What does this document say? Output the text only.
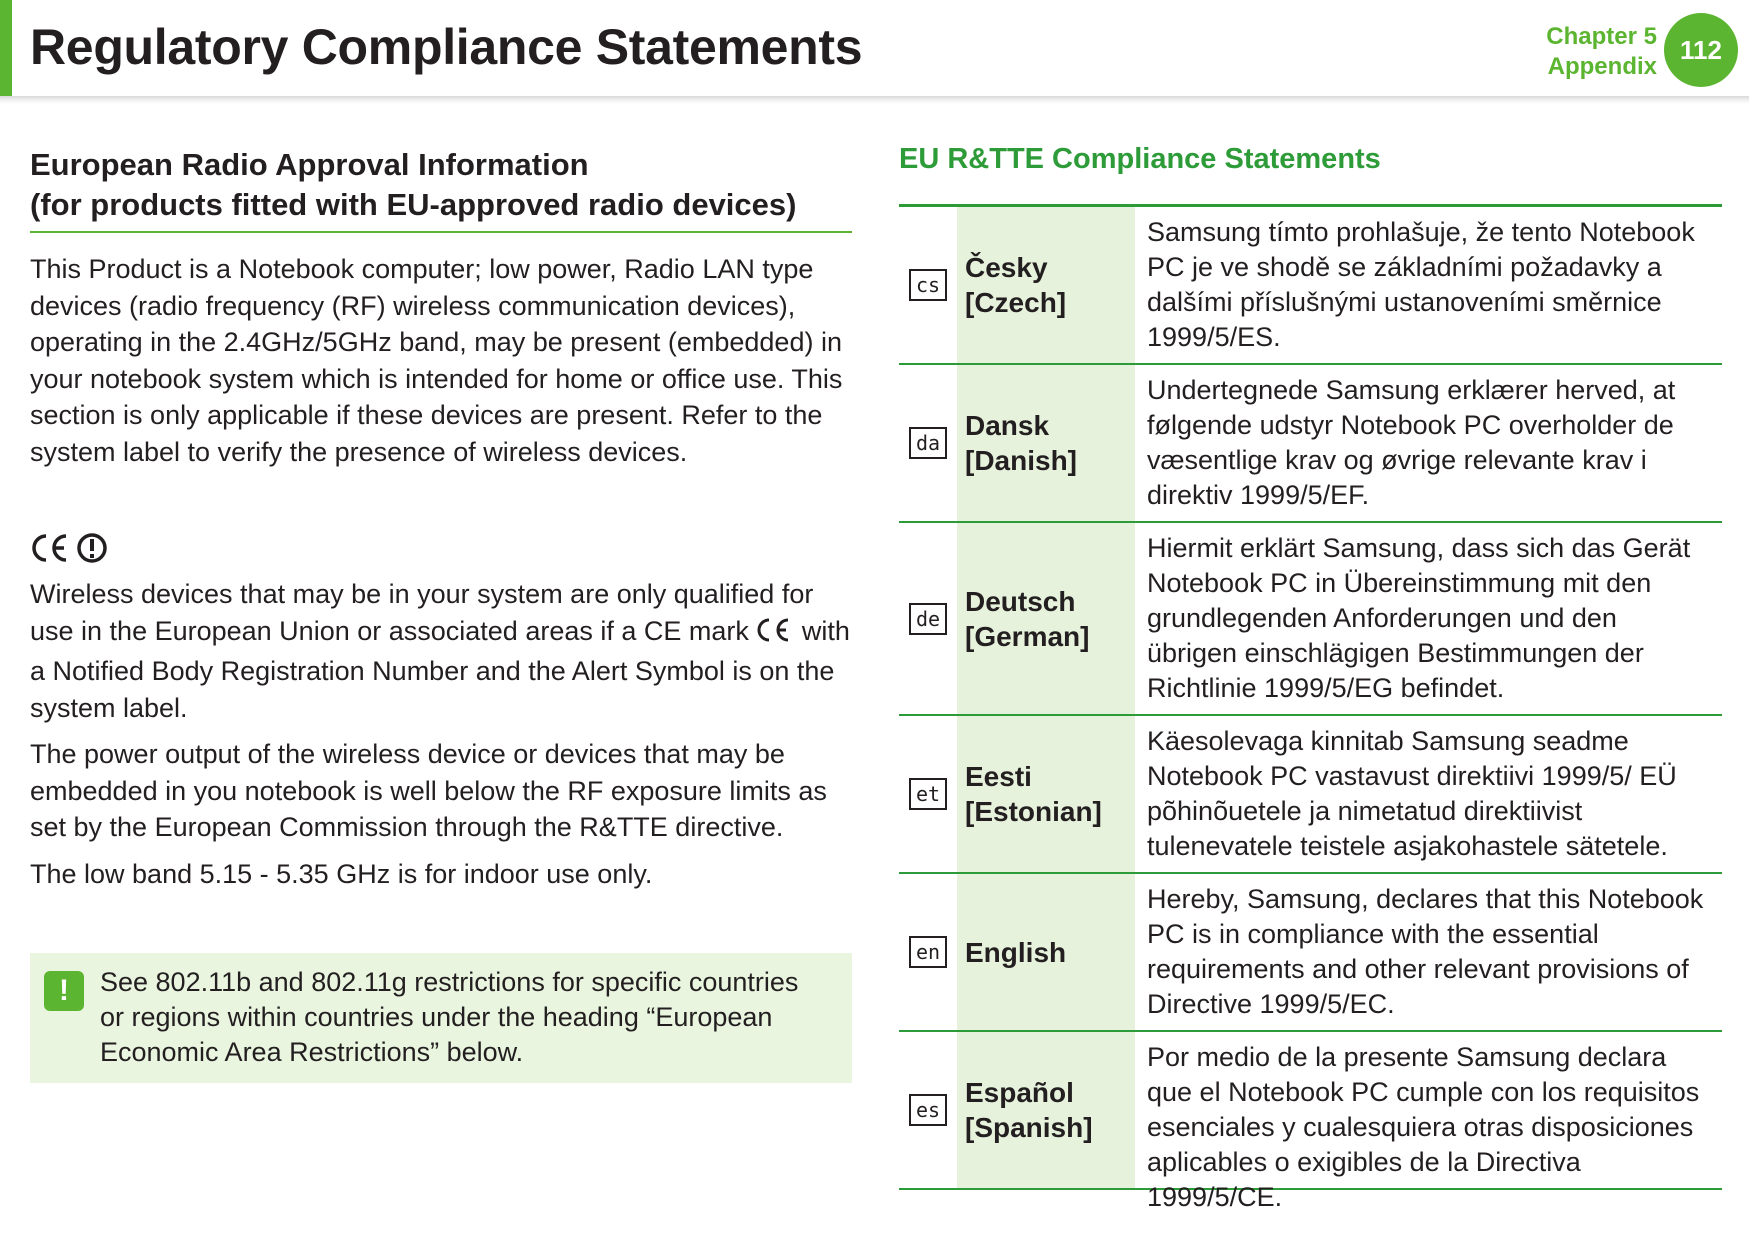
Regulatory Compliance Statements	Chapter 5
Appendix
112
European Radio Approval Information
(for products fitted with EU-approved radio devices)

This Product is a Notebook computer; low power, Radio LAN type devices (radio frequency (RF) wireless communication devices), operating in the 2.4GHz/5GHz band, may be present (embedded) in your notebook system which is intended for home or office use. This section is only applicable if these devices are present. Refer to the system label to verify the presence of wireless devices.

Wireless devices that may be in your system are only qualified for use in the European Union or associated areas if a CE mark with a Notified Body Registration Number and the Alert Symbol is on the system label.

The power output of the wireless device or devices that may be embedded in you notebook is well below the RF exposure limits as set by the European Commission through the R&TTE directive.

The low band 5.15 - 5.35 GHz is for indoor use only.

!	See 802.11b and 802.11g restrictions for specific countries or regions within countries under the heading “European Economic Area Restrictions” below.
EU R&TTE Compliance Statements
cs
Česky
[Czech]
Samsung tímto prohlašuje, že tento Notebook PC je ve shodě se základními požadavky a dalšími příslušnými ustanoveními směrnice 1999/5/ES.
da
Dansk
[Danish]
Undertegnede Samsung erklærer herved, at følgende udstyr Notebook PC overholder de væsentlige krav og øvrige relevante krav i direktiv 1999/5/EF.
de
Deutsch
[German]
Hiermit erklärt Samsung, dass sich das Gerät Notebook PC in Übereinstimmung mit den grundlegenden Anforderungen und den übrigen einschlägigen Bestimmungen der Richtlinie 1999/5/EG befindet.
et
Eesti
[Estonian]
Käesolevaga kinnitab Samsung seadme Notebook PC vastavust direktiivi 1999/5/ EÜ põhinõuetele ja nimetatud direktiivist tulenevatele teistele asjakohastele sätetele.
en English
Hereby, Samsung, declares that this Notebook PC is in compliance with the essential requirements and other relevant provisions of Directive 1999/5/EC.
es
Español
[Spanish]
Por medio de la presente Samsung declara que el Notebook PC cumple con los requisitos esenciales y cualesquiera otras disposiciones aplicables o exigibles de la Directiva 1999/5/CE.
